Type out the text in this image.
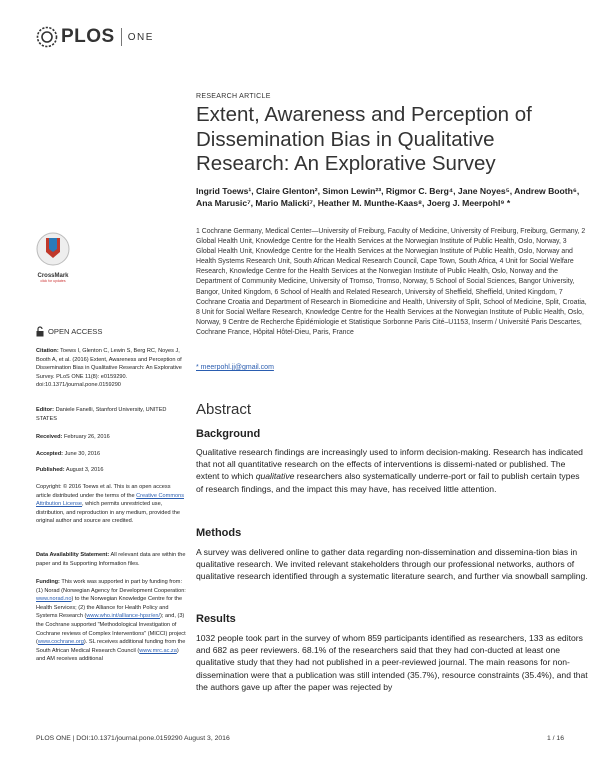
PLOS ONE
CrossMark
click for updates
OPEN ACCESS
Citation: Toews I, Glenton C, Lewin S, Berg RC, Noyes J, Booth A, et al. (2016) Extent, Awareness and Perception of Dissemination Bias in Qualitative Research: An Explorative Survey. PLoS ONE 11(8): e0159290. doi:10.1371/journal.pone.0159290
Editor: Daniele Fanelli, Stanford University, UNITED STATES
Received: February 26, 2016
Accepted: June 30, 2016
Published: August 3, 2016
Copyright: © 2016 Toews et al. This is an open access article distributed under the terms of the Creative Commons Attribution License, which permits unrestricted use, distribution, and reproduction in any medium, provided the original author and source are credited.
Data Availability Statement: All relevant data are within the paper and its Supporting Information files.
Funding: This work was supported in part by funding from: (1) Norad (Norwegian Agency for Development Cooperation: www.norad.no) to the Norwegian Knowledge Centre for the Health Services; (2) the Alliance for Health Policy and Systems Research (www.who.int/alliance-hpsr/en/); and, (3) the Cochrane supported "Methodological Investigation of Cochrane reviews of Complex Interventions" (MICCI) project (www.cochrane.org). SL receives additional funding from the South African Medical Research Council (www.mrc.ac.za) and AM receives additional
RESEARCH ARTICLE
Extent, Awareness and Perception of Dissemination Bias in Qualitative Research: An Explorative Survey
Ingrid Toews¹, Claire Glenton², Simon Lewin²³, Rigmor C. Berg⁴, Jane Noyes⁵, Andrew Booth⁶, Ana Marusic⁷, Mario Malicki⁷, Heather M. Munthe-Kaas⁸, Joerg J. Meerpohl⁹ *
1 Cochrane Germany, Medical Center—University of Freiburg, Faculty of Medicine, University of Freiburg, Freiburg, Germany, 2 Global Health Unit, Knowledge Centre for the Health Services at the Norwegian Institute of Public Health, Oslo, Norway, 3 Global Health Unit, Knowledge Centre for the Health Services at the Norwegian Institute of Public Health, Oslo, Norway and Health Systems Research Unit, South African Medical Research Council, Cape Town, South Africa, 4 Unit for Social Welfare Research, Knowledge Centre for the Health Services at the Norwegian Institute of Public Health, Oslo, Norway and the Department of Community Medicine, University of Tromso, Tromso, Norway, 5 School of Social Sciences, Bangor University, Bangor, United Kingdom, 6 School of Health and Related Research, University of Sheffield, Sheffield, United Kingdom, 7 Cochrane Croatia and Department of Research in Biomedicine and Health, University of Split, School of Medicine, Split, Croatia, 8 Unit for Social Welfare Research, Knowledge Centre for the Health Services at the Norwegian Institute of Public Health, Oslo, Norway, 9 Centre de Recherche Épidémiologie et Statistique Sorbonne Paris Cité–U1153, Inserm / Université Paris Descartes, Cochrane France, Hôpital Hôtel-Dieu, Paris, France
* meerpohl.jj@gmail.com
Abstract
Background
Qualitative research findings are increasingly used to inform decision-making. Research has indicated that not all quantitative research on the effects of interventions is dissemi-nated or published. The extent to which qualitative researchers also systematically underre-port or fail to publish certain types of research findings, and the impact this may have, has received little attention.
Methods
A survey was delivered online to gather data regarding non-dissemination and dissemina-tion bias in qualitative research. We invited relevant stakeholders through our professional networks, authors of qualitative research identified through a systematic literature search, and further via snowball sampling.
Results
1032 people took part in the survey of whom 859 participants identified as researchers, 133 as editors and 682 as peer reviewers. 68.1% of the researchers said that they had con-ducted at least one qualitative study that they had not published in a peer-reviewed journal. The main reasons for non-dissemination were that a publication was still intended (35.7%), resource constraints (35.4%), and that the authors gave up after the paper was rejected by
PLOS ONE | DOI:10.1371/journal.pone.0159290 August 3, 2016	1 / 16
